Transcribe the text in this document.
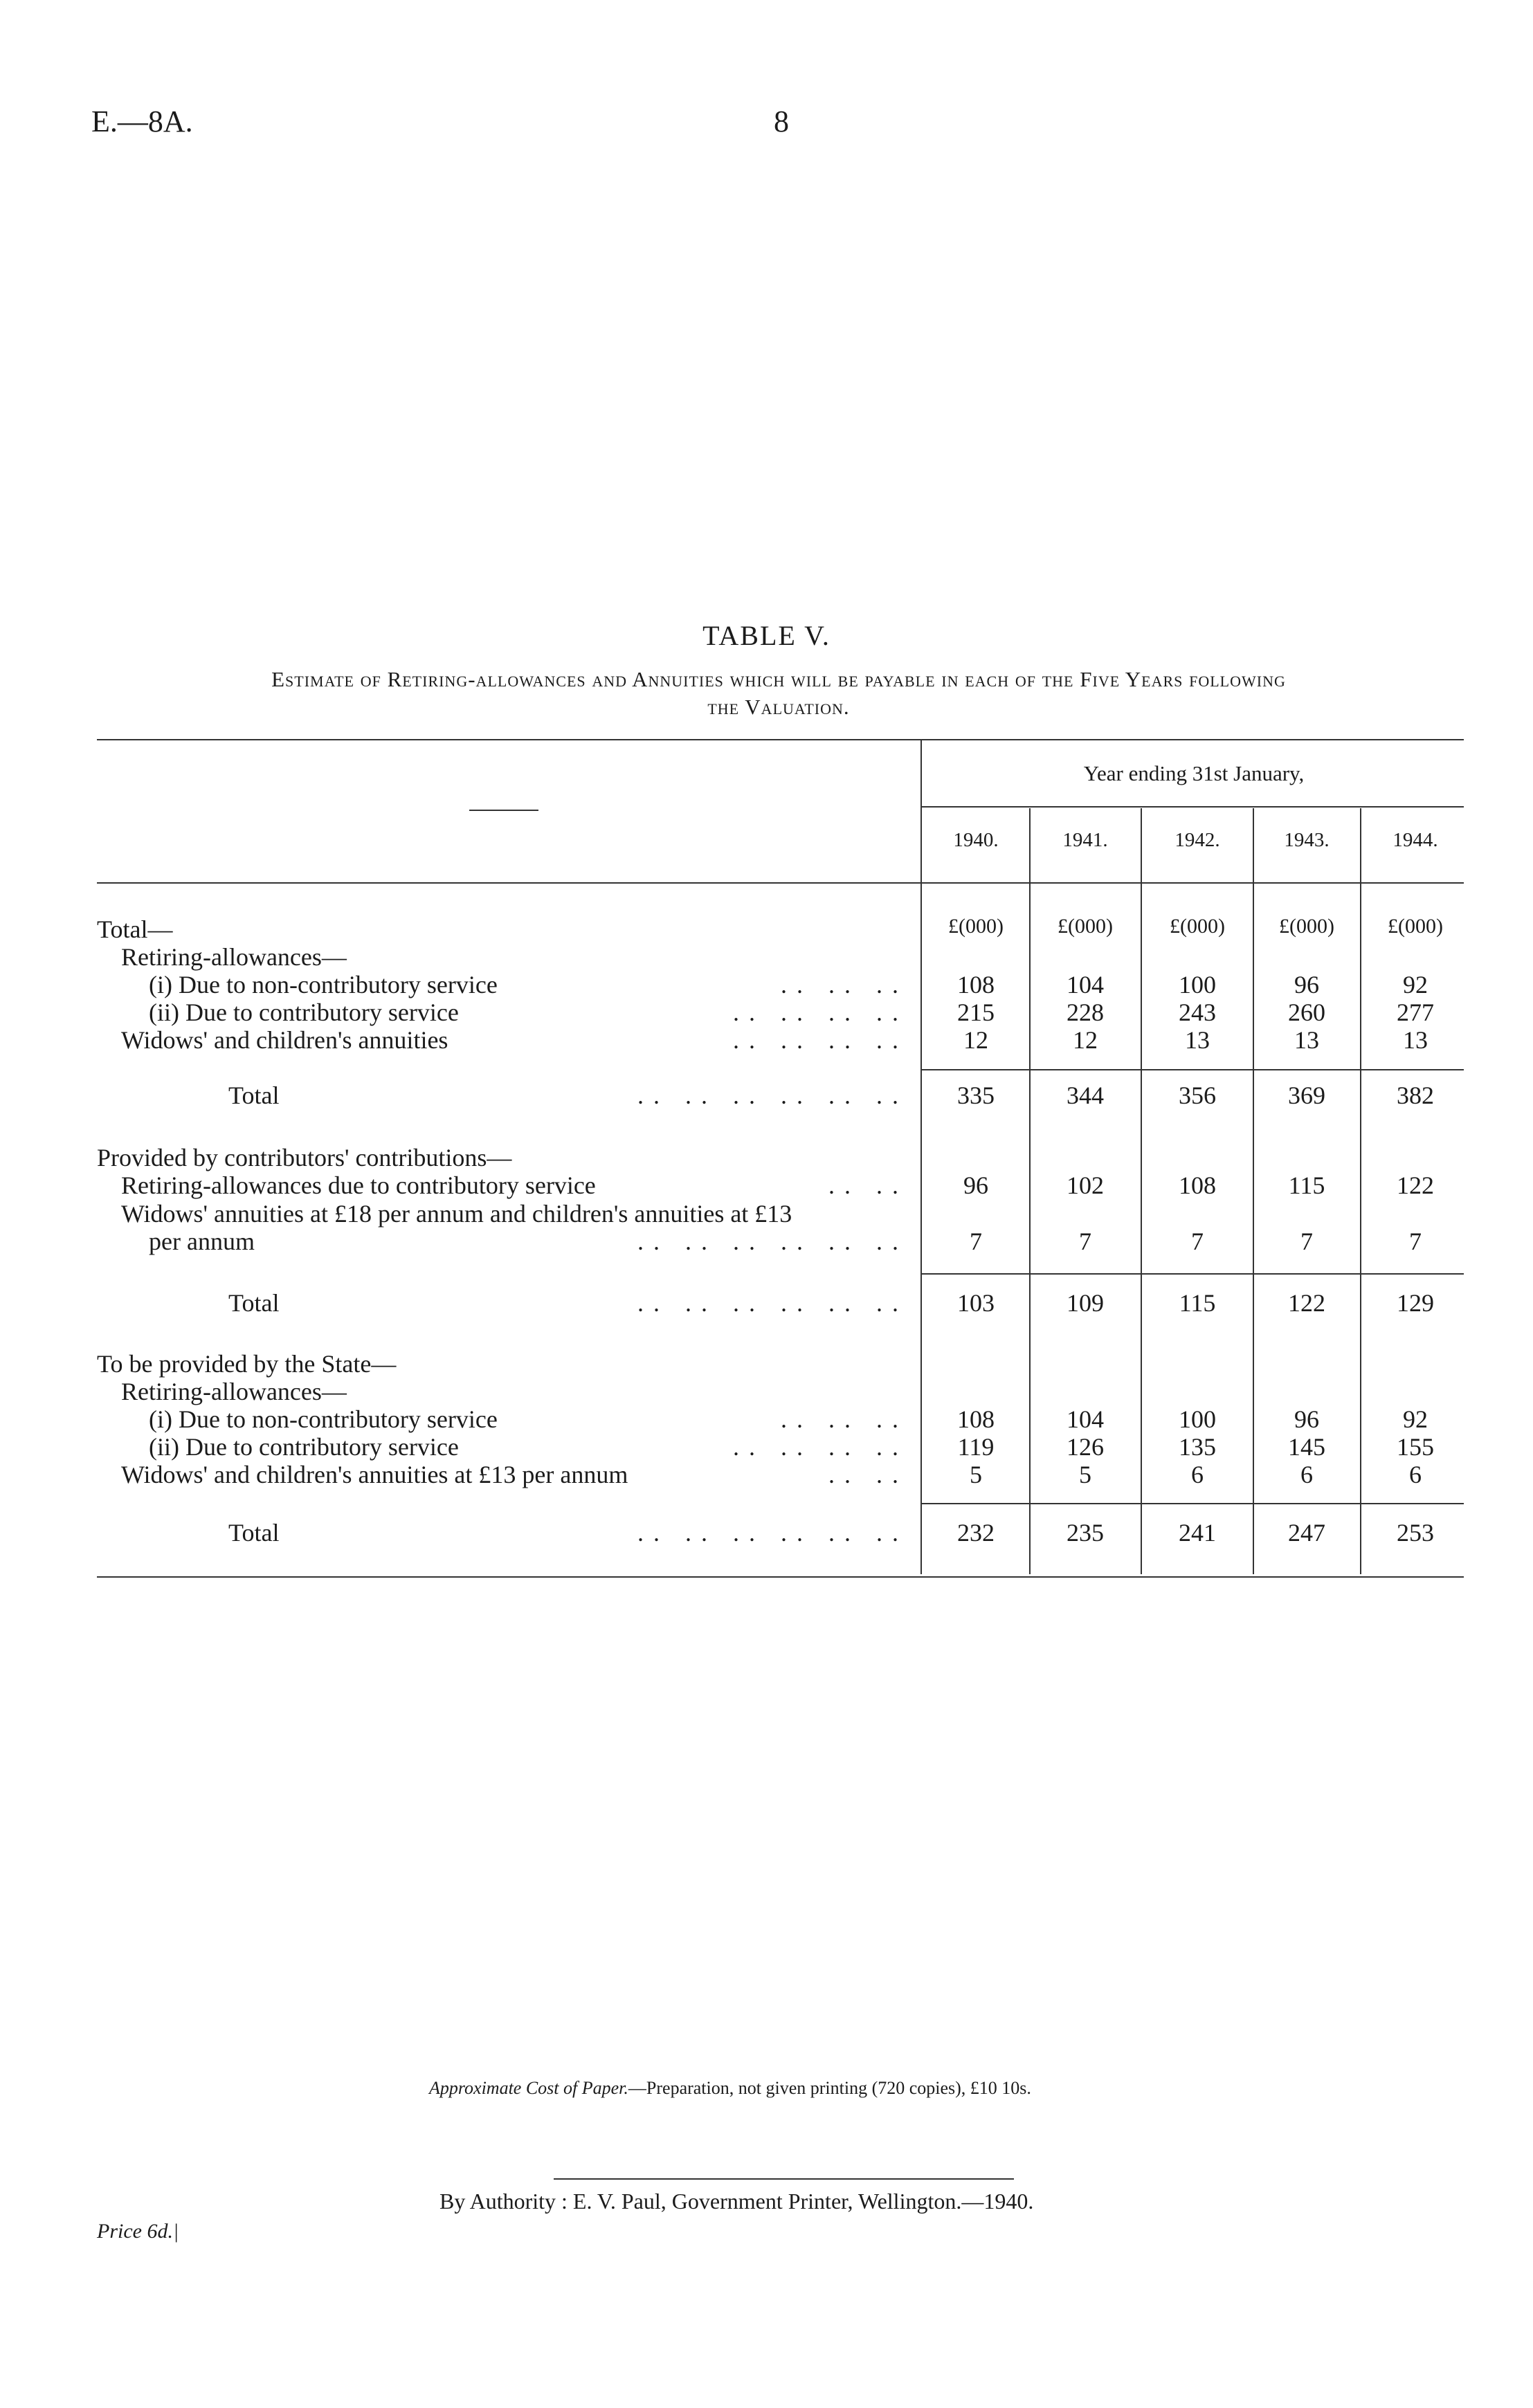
E.—8A.	8
TABLE V.
Estimate of Retiring-allowances and Annuities which will be payable in each of the Five Years following
the Valuation.
Year ending 31st January,
1940.	1941.	1942.	1943.	1944.
Total—	£(000)	£(000)	£(000)	£(000)	£(000)
Retiring-allowances—
(i) Due to non-contributory service	.. .. ..	108	104	100	96	92
(ii) Due to contributory service	.. .. .. ..	215	228	243	260	277
Widows' and children's annuities	.. .. .. ..	12	12	13	13	13
Total	.. .. .. .. .. ..	335	344	356	369	382
Provided by contributors' contributions—
Retiring-allowances due to contributory service	.. ..	96	102	108	115	122
Widows' annuities at £18 per annum and children's annuities at £13
per annum	.. .. .. .. .. ..	7	7	7	7	7
Total	.. .. .. .. .. ..	103	109	115	122	129
To be provided by the State—
Retiring-allowances—
(i) Due to non-contributory service	.. .. ..	108	104	100	96	92
(ii) Due to contributory service	.. .. .. ..	119	126	135	145	155
Widows' and children's annuities at £13 per annum	.. ..	5	5	6	6	6
Total	.. .. .. .. .. ..	232	235	241	247	253
Approximate Cost of Paper.—Preparation, not given printing (720 copies), £10 10s.
By Authority : E. V. Paul, Government Printer, Wellington.—1940.
Price 6d.|
